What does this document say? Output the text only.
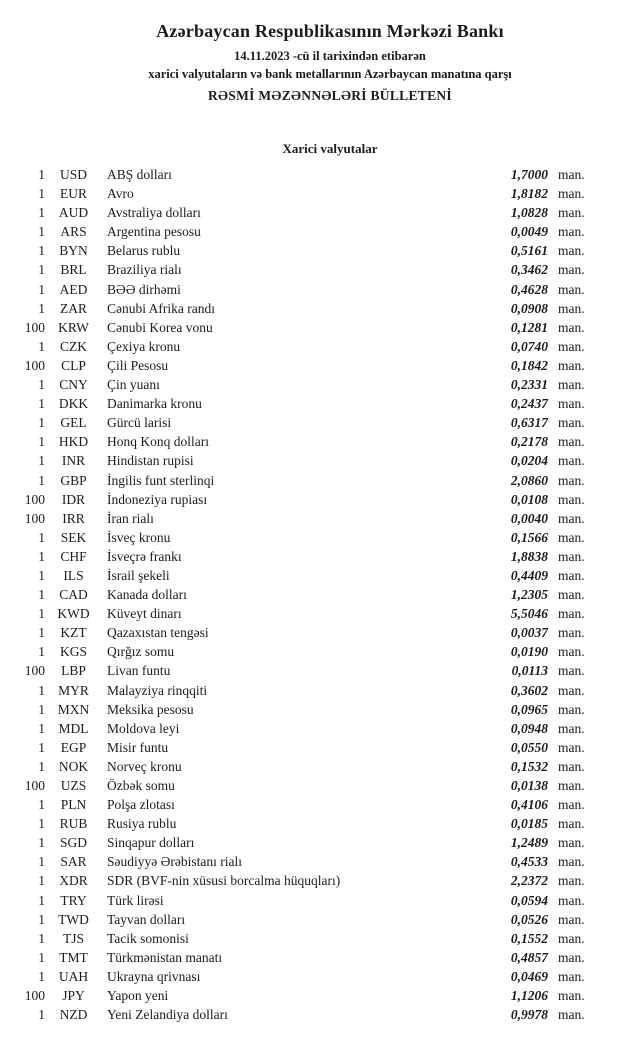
Azərbaycan Respublikasının Mərkəzi Bankı
14.11.2023 -cü il tarixindən etibarən
xarici valyutaların və bank metallarının Azərbaycan manatına qarşı
RƏSMİ MƏZƏNNƏLƏRİ BÜLLETENİ
Xarici valyutalar
1	USD	ABŞ dolları	1,7000 man.
1	EUR	Avro	1,8182 man.
1	AUD	Avstraliya dolları	1,0828 man.
1	ARS	Argentina pesosu	0,0049 man.
1	BYN	Belarus rublu	0,5161 man.
1	BRL	Braziliya rialı	0,3462 man.
1	AED	BƏƏ dirhəmi	0,4628 man.
1	ZAR	Cənubi Afrika randı	0,0908 man.
100 KRW	Cənubi Korea vonu	0,1281 man.
1	CZK	Çexiya kronu	0,0740 man.
100	CLP	Çili Pesosu	0,1842 man.
1	CNY	Çin yuanı	0,2331 man.
1	DKK	Danimarka kronu	0,2437 man.
1	GEL	Gürcü larisi	0,6317 man.
1	HKD	Honq Konq dolları	0,2178 man.
1	INR	Hindistan rupisi	0,0204 man.
1	GBP	İngilis funt sterlinqi	2,0860 man.
100	IDR	İndoneziya rupiası	0,0108 man.
100	IRR	İran rialı	0,0040 man.
1	SEK	İsveç kronu	0,1566 man.
1	CHF	İsveçrə frankı	1,8838 man.
1	ILS	İsrail şekeli	0,4409 man.
1	CAD	Kanada dolları	1,2305 man.
1 KWD	Küveyt dinarı	5,5046 man.
1	KZT	Qazaxıstan tengəsi	0,0037 man.
1	KGS	Qırğız somu	0,0190 man.
100	LBP	Livan funtu	0,0113 man.
1 MYR	Malayziya rinqqiti	0,3602 man.
1 MXN	Meksika pesosu	0,0965 man.
1	MDL	Moldova leyi	0,0948 man.
1	EGP	Misir funtu	0,0550 man.
1	NOK	Norveç kronu	0,1532 man.
100	UZS	Özbək somu	0,0138 man.
1	PLN	Polşa zlotası	0,4106 man.
1	RUB	Rusiya rublu	0,0185 man.
1	SGD	Sinqapur dolları	1,2489 man.
1	SAR	Səudiyyə Ərəbistanı rialı	0,4533 man.
1	XDR	SDR (BVF-nin xüsusi borcalma hüquqları)	2,2372 man.
1	TRY	Türk lirəsi	0,0594 man.
1 TWD	Tayvan dolları	0,0526 man.
1	TJS	Tacik somonisi	0,1552 man.
1	TMT	Türkmənistan manatı	0,4857 man.
1	UAH	Ukrayna qrivnası	0,0469 man.
100	JPY	Yapon yeni	1,1206 man.
1	NZD	Yeni Zelandiya dolları	0,9978 man.
